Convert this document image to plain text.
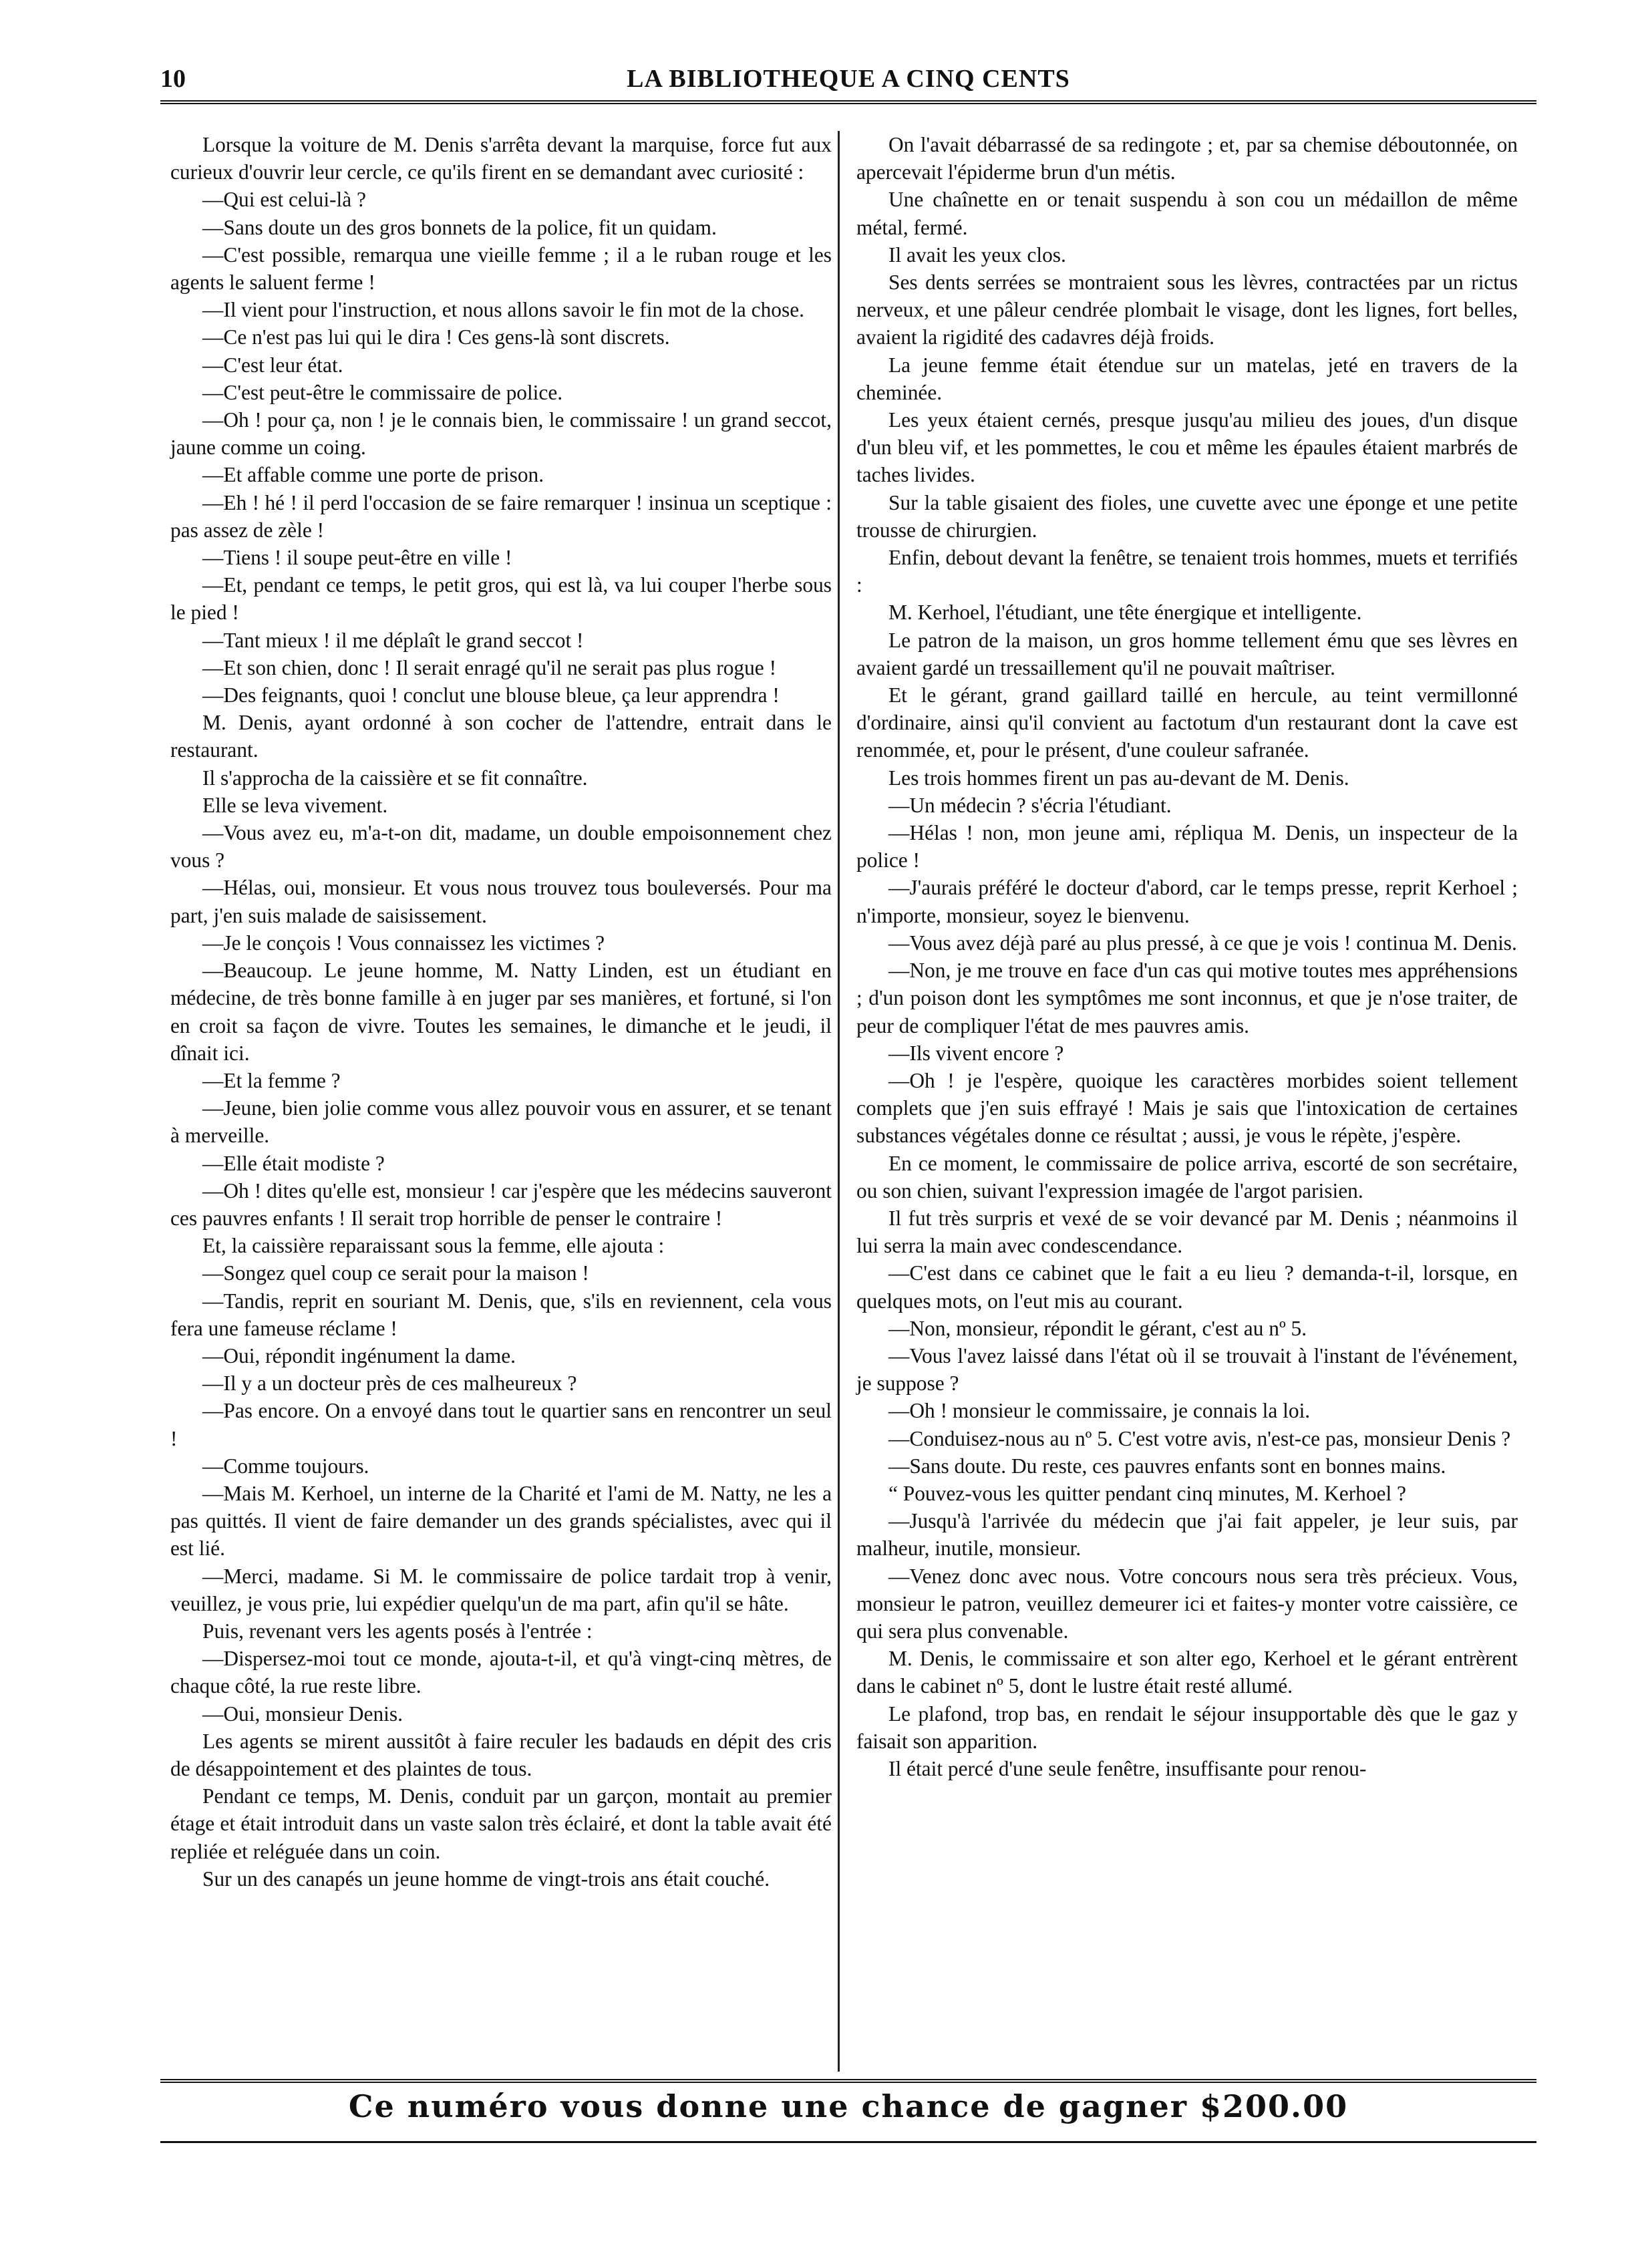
10	LA BIBLIOTHEQUE A CINQ CENTS

Lorsque la voiture de M. Denis s'arrêta devant la marquise, force fut aux curieux d'ouvrir leur cercle, ce qu'ils firent en se demandant avec curiosité :

—Qui est celui-là ?

—Sans doute un des gros bonnets de la police, fit un quidam.

—C'est possible, remarqua une vieille femme ; il a le ruban rouge et les agents le saluent ferme !

—Il vient pour l'instruction, et nous allons savoir le fin mot de la chose.

—Ce n'est pas lui qui le dira ! Ces gens-là sont discrets.

—C'est leur état.

—C'est peut-être le commissaire de police.

—Oh ! pour ça, non ! je le connais bien, le commissaire ! un grand seccot, jaune comme un coing.

—Et affable comme une porte de prison.

—Eh ! hé ! il perd l'occasion de se faire remarquer ! insinua un sceptique : pas assez de zèle !

—Tiens ! il soupe peut-être en ville !

—Et, pendant ce temps, le petit gros, qui est là, va lui couper l'herbe sous le pied !

—Tant mieux ! il me déplaît le grand seccot !

—Et son chien, donc ! Il serait enragé qu'il ne serait pas plus rogue !

—Des feignants, quoi ! conclut une blouse bleue, ça leur apprendra !

M. Denis, ayant ordonné à son cocher de l'attendre, entrait dans le restaurant.

Il s'approcha de la caissière et se fit connaître.

Elle se leva vivement.

—Vous avez eu, m'a-t-on dit, madame, un double empoisonnement chez vous ?

—Hélas, oui, monsieur. Et vous nous trouvez tous bouleversés. Pour ma part, j'en suis malade de saisissement.

—Je le conçois ! Vous connaissez les victimes ?

—Beaucoup. Le jeune homme, M. Natty Linden, est un étudiant en médecine, de très bonne famille à en juger par ses manières, et fortuné, si l'on en croit sa façon de vivre. Toutes les semaines, le dimanche et le jeudi, il dînait ici.

—Et la femme ?

—Jeune, bien jolie comme vous allez pouvoir vous en assurer, et se tenant à merveille.

—Elle était modiste ?

—Oh ! dites qu'elle est, monsieur ! car j'espère que les médecins sauveront ces pauvres enfants ! Il serait trop horrible de penser le contraire !

Et, la caissière reparaissant sous la femme, elle ajouta :

—Songez quel coup ce serait pour la maison !

—Tandis, reprit en souriant M. Denis, que, s'ils en reviennent, cela vous fera une fameuse réclame !

—Oui, répondit ingénument la dame.

—Il y a un docteur près de ces malheureux ?

—Pas encore. On a envoyé dans tout le quartier sans en rencontrer un seul !

—Comme toujours.

—Mais M. Kerhoel, un interne de la Charité et l'ami de M. Natty, ne les a pas quittés. Il vient de faire demander un des grands spécialistes, avec qui il est lié.

—Merci, madame. Si M. le commissaire de police tardait trop à venir, veuillez, je vous prie, lui expédier quelqu'un de ma part, afin qu'il se hâte.

Puis, revenant vers les agents posés à l'entrée :

—Dispersez-moi tout ce monde, ajouta-t-il, et qu'à vingt-cinq mètres, de chaque côté, la rue reste libre.

—Oui, monsieur Denis.

Les agents se mirent aussitôt à faire reculer les badauds en dépit des cris de désappointement et des plaintes de tous.

Pendant ce temps, M. Denis, conduit par un garçon, montait au premier étage et était introduit dans un vaste salon très éclairé, et dont la table avait été repliée et reléguée dans un coin.

Sur un des canapés un jeune homme de vingt-trois ans était couché.

On l'avait débarrassé de sa redingote ; et, par sa chemise déboutonnée, on apercevait l'épiderme brun d'un métis.

Une chaînette en or tenait suspendu à son cou un médaillon de même métal, fermé.

Il avait les yeux clos.

Ses dents serrées se montraient sous les lèvres, contractées par un rictus nerveux, et une pâleur cendrée plombait le visage, dont les lignes, fort belles, avaient la rigidité des cadavres déjà froids.

La jeune femme était étendue sur un matelas, jeté en travers de la cheminée.

Les yeux étaient cernés, presque jusqu'au milieu des joues, d'un disque d'un bleu vif, et les pommettes, le cou et même les épaules étaient marbrés de taches livides.

Sur la table gisaient des fioles, une cuvette avec une éponge et une petite trousse de chirurgien.

Enfin, debout devant la fenêtre, se tenaient trois hommes, muets et terrifiés :

M. Kerhoel, l'étudiant, une tête énergique et intelligente.

Le patron de la maison, un gros homme tellement ému que ses lèvres en avaient gardé un tressaillement qu'il ne pouvait maîtriser.

Et le gérant, grand gaillard taillé en hercule, au teint vermillonné d'ordinaire, ainsi qu'il convient au factotum d'un restaurant dont la cave est renommée, et, pour le présent, d'une couleur safranée.

Les trois hommes firent un pas au-devant de M. Denis.

—Un médecin ? s'écria l'étudiant.

—Hélas ! non, mon jeune ami, répliqua M. Denis, un inspecteur de la police !

—J'aurais préféré le docteur d'abord, car le temps presse, reprit Kerhoel ; n'importe, monsieur, soyez le bienvenu.

—Vous avez déjà paré au plus pressé, à ce que je vois ! continua M. Denis.

—Non, je me trouve en face d'un cas qui motive toutes mes appréhensions ; d'un poison dont les symptômes me sont inconnus, et que je n'ose traiter, de peur de compliquer l'état de mes pauvres amis.

—Ils vivent encore ?

—Oh ! je l'espère, quoique les caractères morbides soient tellement complets que j'en suis effrayé ! Mais je sais que l'intoxication de certaines substances végétales donne ce résultat ; aussi, je vous le répète, j'espère.

En ce moment, le commissaire de police arriva, escorté de son secrétaire, ou son chien, suivant l'expression imagée de l'argot parisien.

Il fut très surpris et vexé de se voir devancé par M. Denis ; néanmoins il lui serra la main avec condescendance.

—C'est dans ce cabinet que le fait a eu lieu ? demanda-t-il, lorsque, en quelques mots, on l'eut mis au courant.

—Non, monsieur, répondit le gérant, c'est au nº 5.

—Vous l'avez laissé dans l'état où il se trouvait à l'instant de l'événement, je suppose ?

—Oh ! monsieur le commissaire, je connais la loi.

—Conduisez-nous au nº 5. C'est votre avis, n'est-ce pas, monsieur Denis ?

—Sans doute. Du reste, ces pauvres enfants sont en bonnes mains.

“ Pouvez-vous les quitter pendant cinq minutes, M. Kerhoel ?

—Jusqu'à l'arrivée du médecin que j'ai fait appeler, je leur suis, par malheur, inutile, monsieur.

—Venez donc avec nous. Votre concours nous sera très précieux. Vous, monsieur le patron, veuillez demeurer ici et faites-y monter votre caissière, ce qui sera plus convenable.

M. Denis, le commissaire et son alter ego, Kerhoel et le gérant entrèrent dans le cabinet nº 5, dont le lustre était resté allumé.

Le plafond, trop bas, en rendait le séjour insupportable dès que le gaz y faisait son apparition.

Il était percé d'une seule fenêtre, insuffisante pour renou-

Ce numéro vous donne une chance de gagner $200.00
